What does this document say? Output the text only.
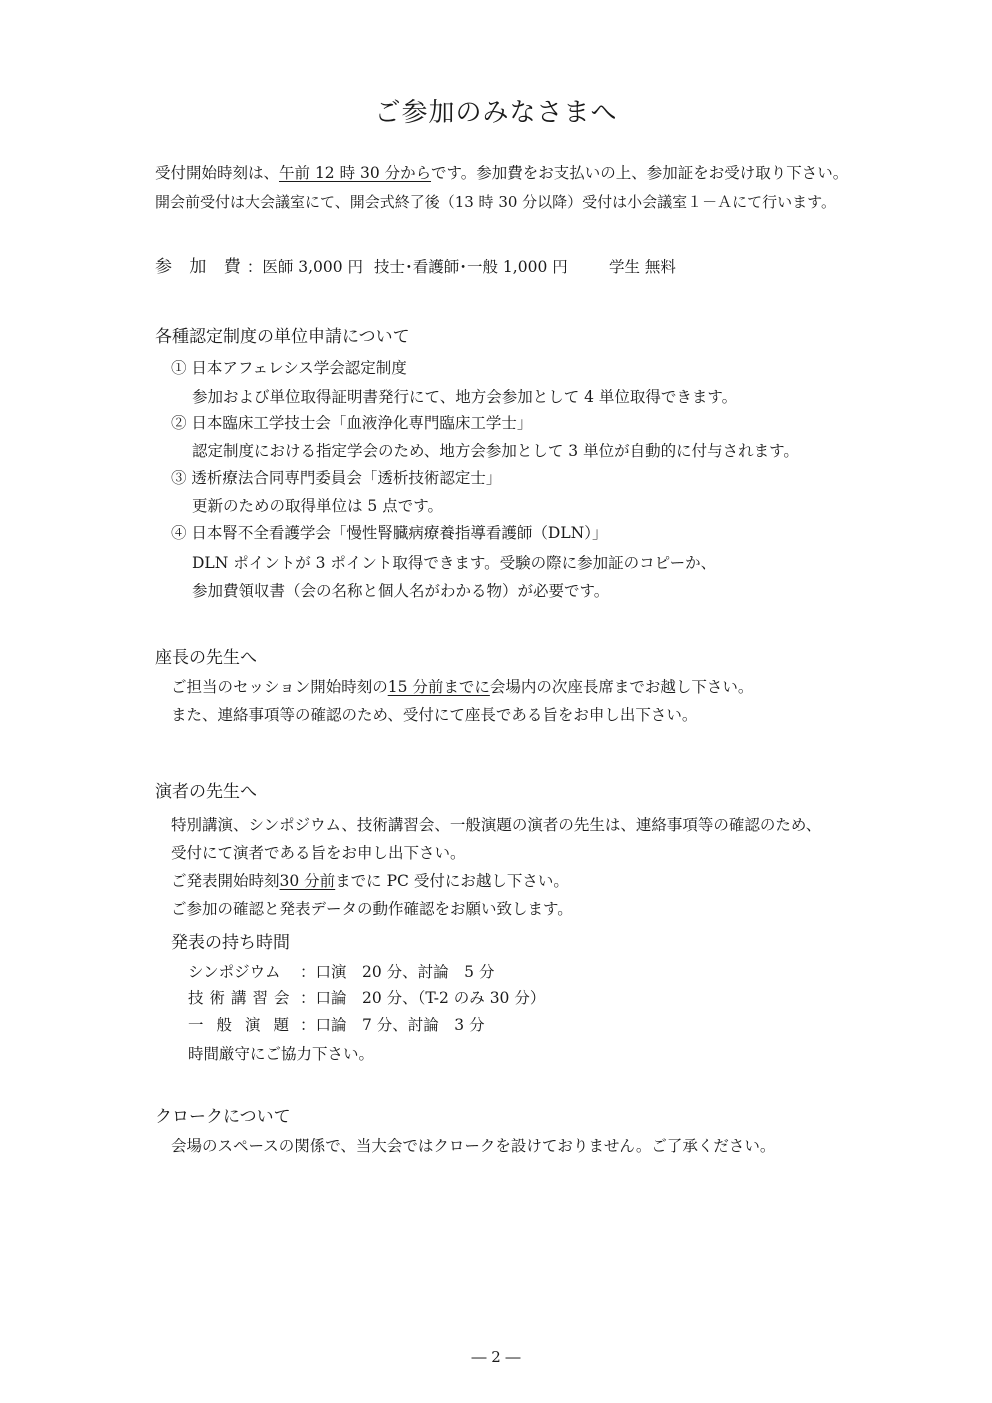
ご参加のみなさまへ
受付開始時刻は、午前 12 時 30 分からです。参加費をお支払いの上、参加証をお受け取り下さい。
開会前受付は大会議室にて、開会式終了後（13 時 30 分以降）受付は小会議室１－Ａにて行います。
参 加 費：医師 3,000 円 技士･看護師･一般 1,000 円	学生 無料
各種認定制度の単位申請について
① 日本アフェレシス学会認定制度
参加および単位取得証明書発行にて、地方会参加として 4 単位取得できます。
② 日本臨床工学技士会「血液浄化専門臨床工学士」
認定制度における指定学会のため、地方会参加として 3 単位が自動的に付与されます。
③ 透析療法合同専門委員会「透析技術認定士」
更新のための取得単位は 5 点です。
④ 日本腎不全看護学会「慢性腎臓病療養指導看護師（DLN）」
DLN ポイントが 3 ポイント取得できます。受験の際に参加証のコピーか、
参加費領収書（会の名称と個人名がわかる物）が必要です。
座長の先生へ
ご担当のセッション開始時刻の15 分前までに会場内の次座長席までお越し下さい。
また、連絡事項等の確認のため、受付にて座長である旨をお申し出下さい。
演者の先生へ
特別講演、シンポジウム、技術講習会、一般演題の演者の先生は、連絡事項等の確認のため、
受付にて演者である旨をお申し出下さい。
ご発表開始時刻30 分前までに PC 受付にお越し下さい。
ご参加の確認と発表データの動作確認をお願い致します。
発表の持ち時間
シンポジウム ：口演　20 分、討論　5 分
技術講習会 ：口論　20 分、（T-2 のみ 30 分）
一般演題：口論　7 分、討論　3 分
時間厳守にご協力下さい。
クロークについて
会場のスペースの関係で、当大会ではクロークを設けておりません。ご了承ください。
― 2 ―
